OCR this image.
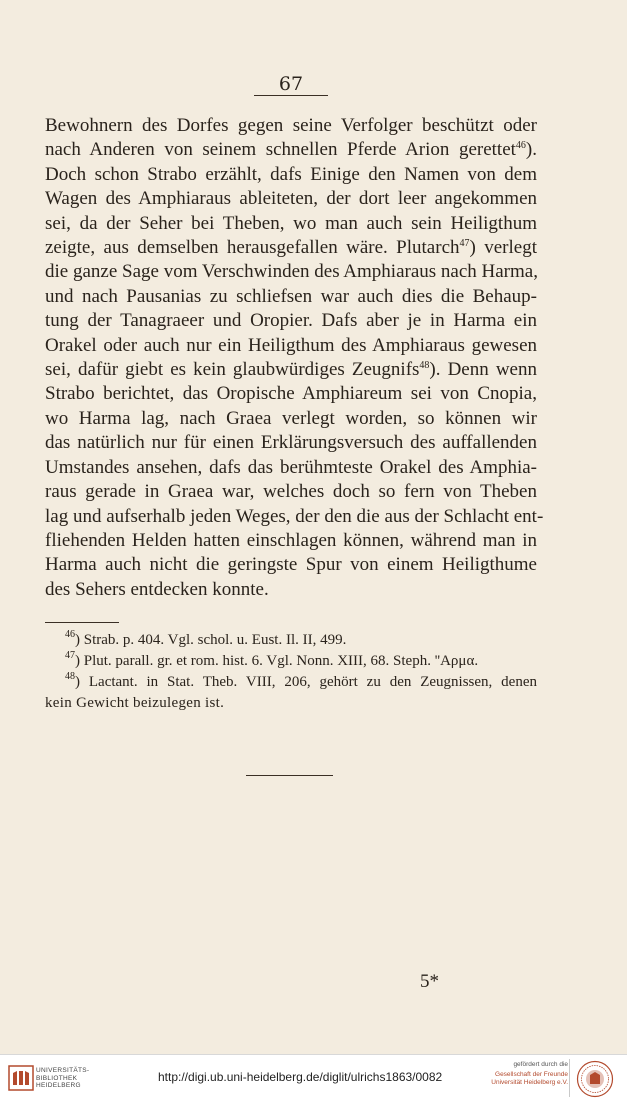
67
Bewohnern des Dorfes gegen seine Verfolger beschützt oder
nach Anderen von seinem schnellen Pferde Arion gerettet$^{46}$).
Doch schon Strabo erzählt, dafs Einige den Namen von dem
Wagen des Amphiaraus ableiteten, der dort leer angekommen
sei, da der Seher bei Theben, wo man auch sein Heiligthum
zeigte, aus demselben herausgefallen wäre. Plutarch$^{47}$) verlegt
die ganze Sage vom Verschwinden des Amphiaraus nach Harma,
und nach Pausanias zu schliefsen war auch dies die Behaup-
tung der Tanagraeer und Oropier. Dafs aber je in Harma ein
Orakel oder auch nur ein Heiligthum des Amphiaraus gewesen
sei, dafür giebt es kein glaubwürdiges Zeugnifs$^{48}$). Denn wenn
Strabo berichtet, das Oropische Amphiareum sei von Cnopia,
wo Harma lag, nach Graea verlegt worden, so können wir
das natürlich nur für einen Erklärungsversuch des auffallenden
Umstandes ansehen, dafs das berühmteste Orakel des Amphia-
raus gerade in Graea war, welches doch so fern von Theben
lag und aufserhalb jeden Weges, der den die aus der Schlacht ent-
fliehenden Helden hatten einschlagen können, während man in
Harma auch nicht die geringste Spur von einem Heiligthume
des Sehers entdecken konnte.
$^{46}$) Strab. p. 404. Vgl. schol. u. Eust. Il. II, 499.
$^{47}$) Plut. parall. gr. et rom. hist. 6. Vgl. Nonn. XIII, 68. Steph. ''Αρμα.
$^{48}$) Lactant. in Stat. Theb. VIII, 206, gehört zu den Zeugnissen, denen
kein Gewicht beizulegen ist.
5*
UNIVERSITÄTS-
BIBLIOTHEK
HEIDELBERG
http://digi.ub.uni-heidelberg.de/diglit/ulrichs1863/0082
gefördert durch die
Gesellschaft der Freunde
Universität Heidelberg e.V.
